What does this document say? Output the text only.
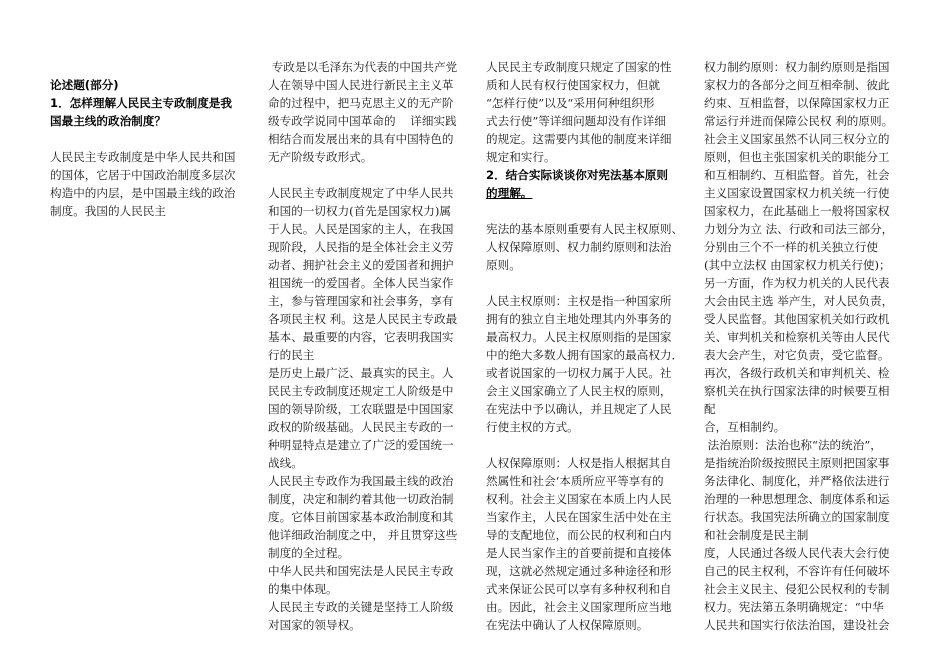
论述题(部分)

1．怎样理解人民民主专政制度是我

国最主线的政治制度？

人民民主专政制度是中华人民共和国

的国体，它居于中国政治制度多层次

构造中的内层，是中国最主线的政治

制度。我国的人民民主

专政是以毛泽东为代表的中国共产党

人在领导中国人民进行新民主主义革

命的过程中，把马克思主义的无产阶

级专政学说同中国革命的    详细实践

相结合而发展出来的具有中国特色的

无产阶级专政形式。

人民民主专政制度规定了中华人民共

和国的一切权力(首先是国家权力)属

于人民。人民是国家的主人，在我国

现阶段，人民指的是全体社会主义劳

动者、拥护社会主义的爱国者和拥护

祖国统一的爱国者。全体人民当家作

主，参与管理国家和社会事务，享有

各项民主权 利。这是人民民主专政最

基本、最重要的内容，它表明我国实

行的民主

是历史上最广泛、最真实的民主。人

民民主专政制度还规定工人阶级是中

国的领导阶级，工农联盟是中国国家

政权的阶级基础。人民民主专政的一

种明显特点是建立了广泛的爱国统一

战线。

人民民主专政作为我国最主线的政治

制度，决定和制约着其他一切政治制

度。它体目前国家基本政治制度和其

他详细政治制度之中， 并且贯穿这些

制度的全过程。

中华人民共和国宪法是人民民主专政

的集中体现。

人民民主专政的关键是坚持工人阶级

对国家的领导权。

人民民主专政制度只规定了国家的性

质和人民有权行使国家权力，但就

“怎样行使”以及“采用何种组织形

式去行使”等详细问题却没有作详细

的规定。这需要内其他的制度来详细

规定和实行。

2．结合实际谈谈你对宪法基本原则

的理解。

宪法的基本原则重要有人民主权原则、

人权保障原则、权力制约原则和法治

原则。

人民主权原则：主权是指一种国家所

拥有的独立自主地处理其内外事务的

最高权力。人民主权原则指的是国家

中的绝大多数人拥有国家的最高权力．

或者说国家的一切权力属于人民。社

会主义国家确立了人民主权的原则，

在宪法中予以确认，并且规定了人民

行使主权的方式。

人权保障原则：人权是指人根据其自

然属性和社会‘本质所应平等享有的

权利。社会主义国家在本质上内人民

当家作主，人民在国家生活中处在主

导的支配地位，而公民的权利和白内

是人民当家作主的首要前提和直接体

现，这就必然规定通过多种途径和形

式来保证公民可以享有多种权利和自

由。因此，社会主义国家理所应当地

在宪法中确认了人权保障原则。

权力制约原则：权力制约原则是指国

家权力的各部分之间互相牵制、彼此

约束、互相监督，以保障国家权力正

常运行并进而保障公民权 利的原则。

社会主义国家虽然不认同三权分立的

原则，但也主张国家机关的职能分工

和互相制约、互相监督。首先，社会

主义国家设置国家权力机关统一行使

国家权力，在此基础上一般将国家权

力划分为立 法、行政和司法三部分，

分别由三个不一样的机关独立行使

(其中立法权 由国家权力机关行使)；

另一方面，作为权力机关的人民代表

大会由民主选 举产生，对人民负责，

受人民监督。其他国家机关如行政机

关、审判机关和检察机关等由人民代

表大会产生，对它负责，受它监督。

再次，各级行政机关和审判机关、检

察机关在执行国家法律的时候要互相

配

合，互相制约。

法治原则：法治也称“法的统治”，

是指统治阶级按照民主原则把国家事

务法律化、制度化，并严格依法进行

治理的一种思想理念、制度体系和运

行状态。我国宪法所确立的国家制度

和社会制度是民主制

度，人民通过各级人民代表大会行使

自己的民主权利，不容许有任何破坏

社会主义民主、侵犯公民权利的专制

权力。宪法第五条明确规定：“中华

人民共和国实行依法治国，建设社会
